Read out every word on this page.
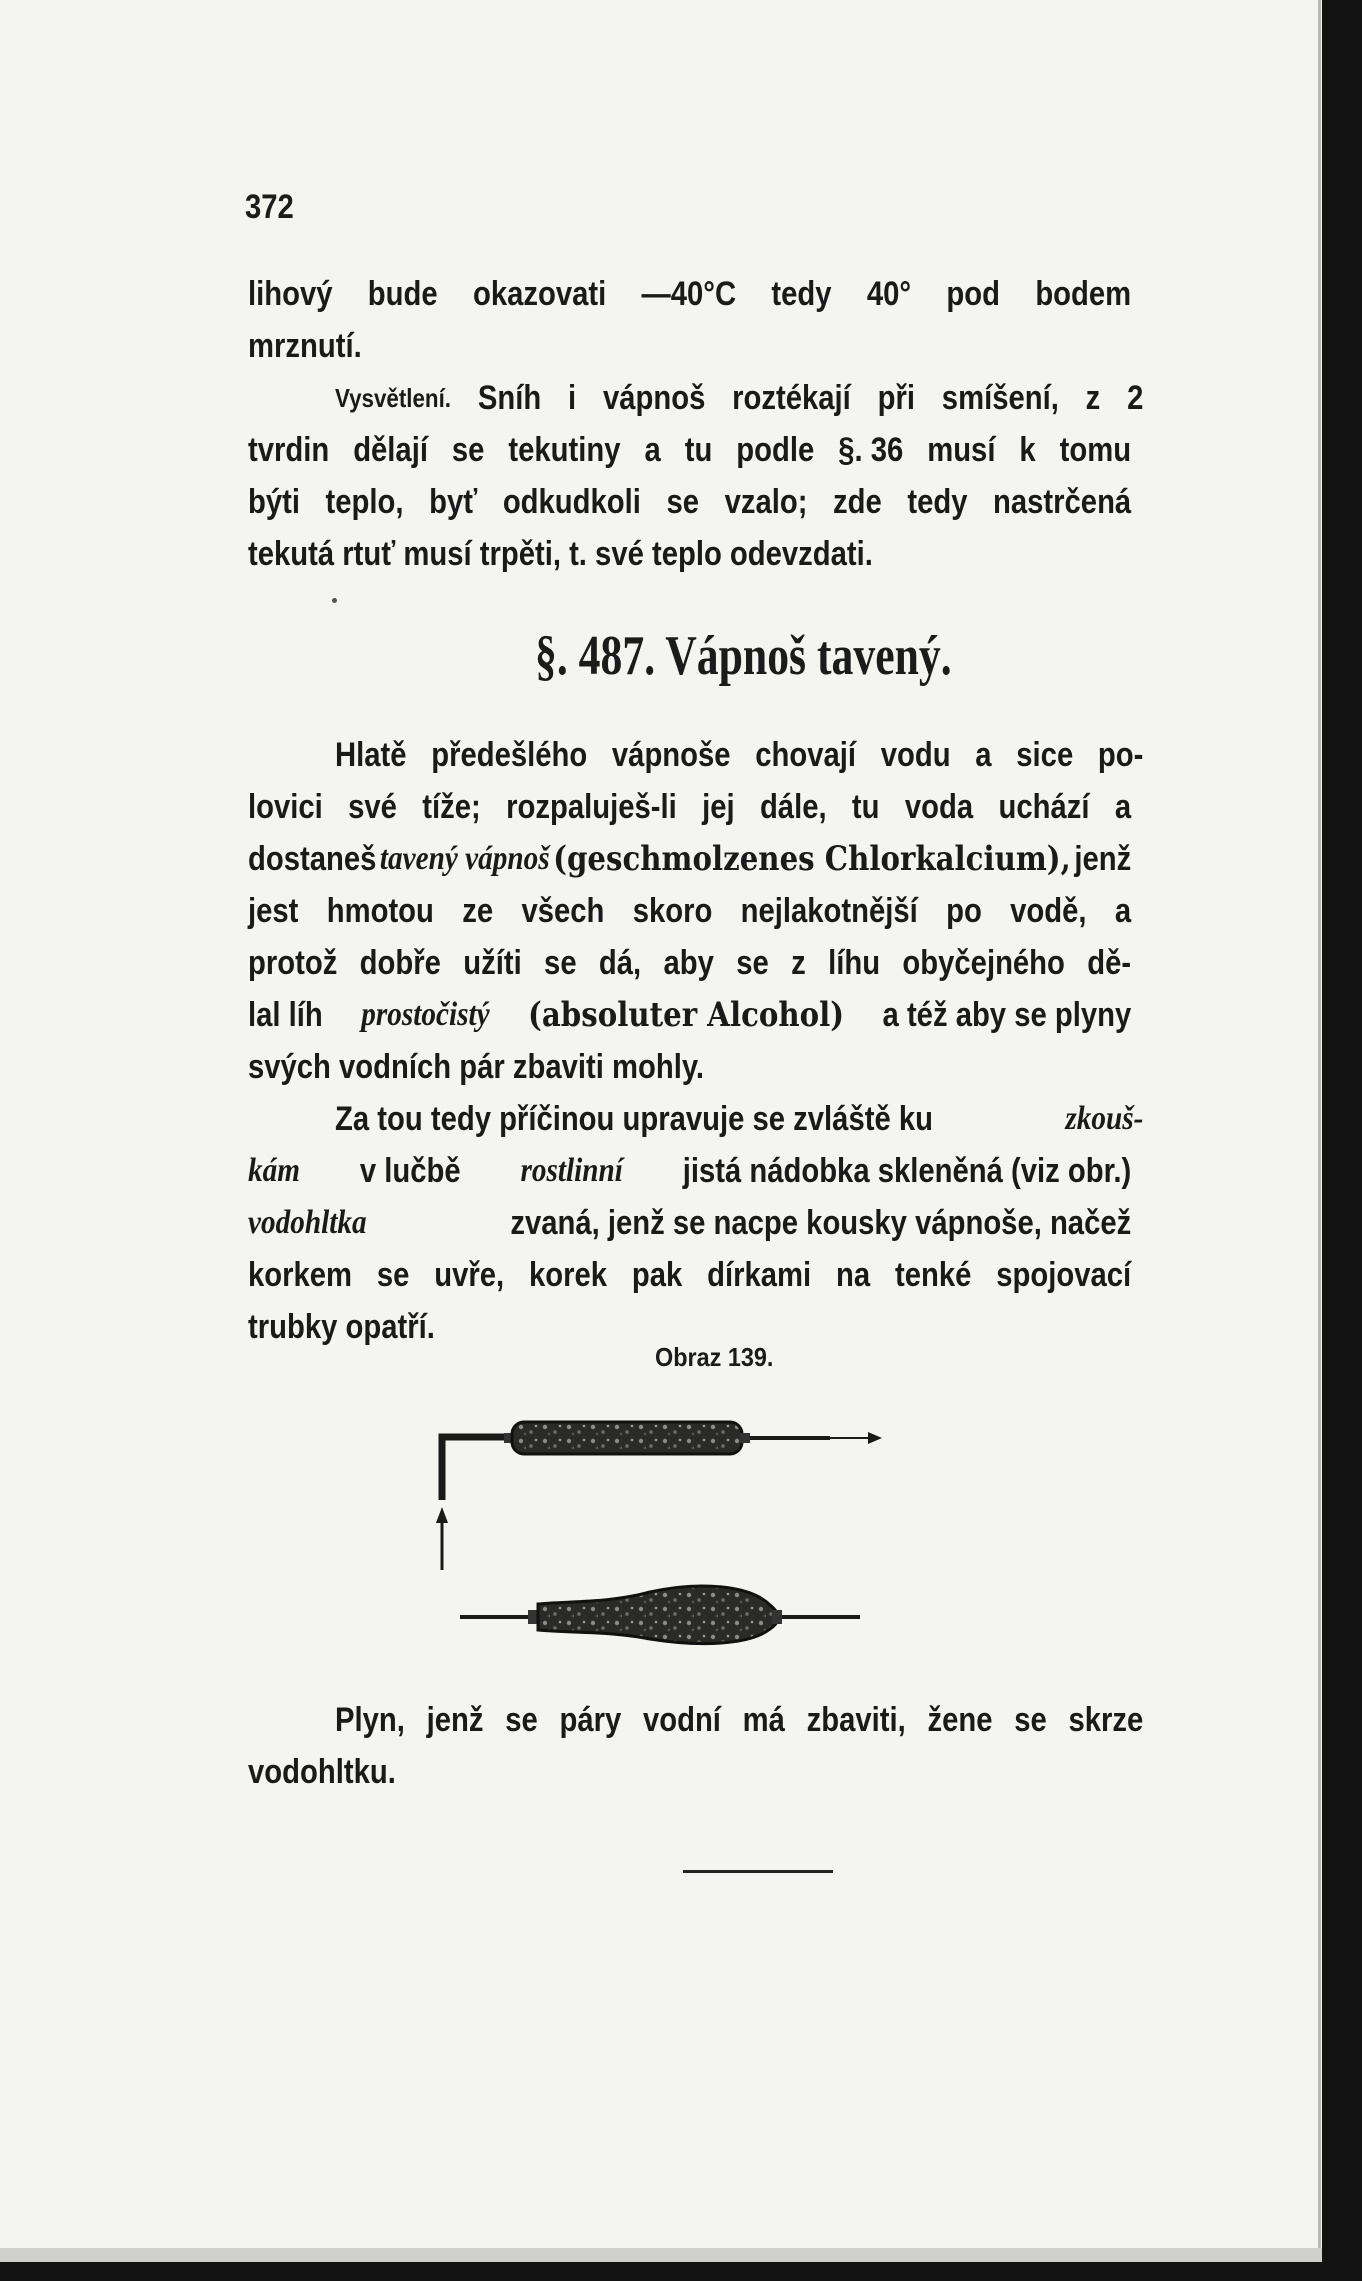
372
lihový bude okazovati —40°C tedy 40° pod bodem
mrznutí.
Vysvětlení. Sníh i vápnoš roztékají při smíšení, z 2
tvrdin dělají se tekutiny a tu podle §. 36 musí k tomu
býti teplo, byť odkudkoli se vzalo; zde tedy nastrčená
tekutá rtuť musí trpěti, t. své teplo odevzdati.
§. 487. Vápnoš tavený.
Hlatě předešlého vápnoše chovají vodu a sice po-
lovici své tíže; rozpaluješ-li jej dále, tu voda uchází a
dostaneš tavený vápnoš (geschmolzenes Chlorkalcium), jenž
jest hmotou ze všech skoro nejlakotnější po vodě, a
protož dobře užíti se dá, aby se z líhu obyčejného dě-
lal líh prostočistý (absoluter Alcohol) a též aby se plyny
svých vodních pár zbaviti mohly.
Za tou tedy příčinou upravuje se zvláště ku	zkouš-
kám v lučbě rostlinní jistá nádobka skleněná (viz obr.)
vodohltka	zvaná, jenž se nacpe kousky vápnoše, načež
korkem se uvře, korek pak dírkami na tenké spojovací
trubky opatří.
Obraz 139.
Plyn, jenž se páry vodní má zbaviti, žene se skrze
vodohltku.
